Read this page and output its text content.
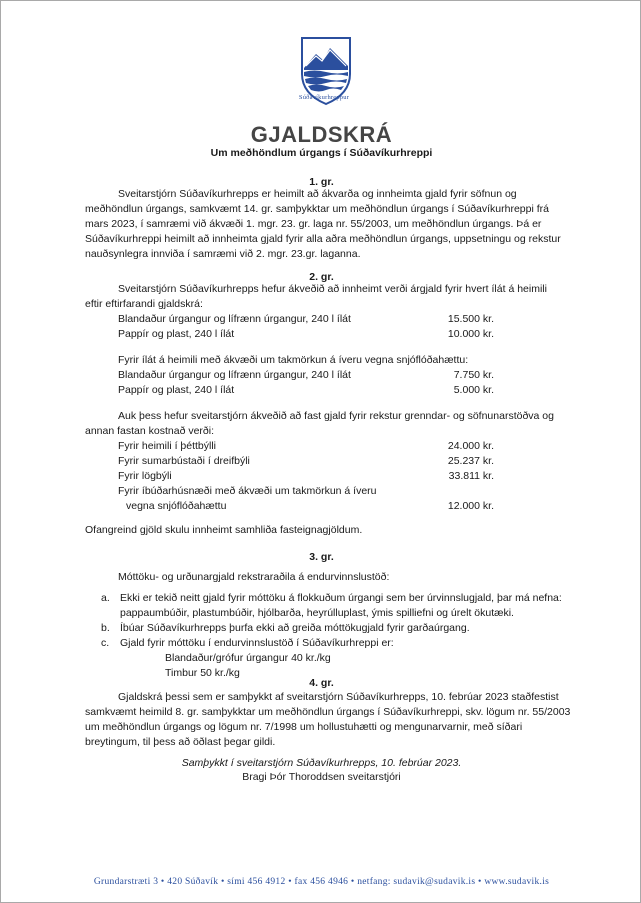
Súðavíkurhreppur
GJALDSKRÁ
Um meðhöndlum úrgangs í Súðavíkurhreppi
1. gr.
Sveitarstjórn Súðavíkurhrepps er heimilt að ákvarða og innheimta gjald fyrir söfnun og
meðhöndlun úrgangs, samkvæmt 14. gr. samþykktar um meðhöndlun úrgangs í Súðavíkurhreppi frá
mars 2023, í samræmi við ákvæði 1. mgr. 23. gr. laga nr. 55/2003, um meðhöndlun úrgangs. Þá er
Súðavíkurhreppi heimilt að innheimta gjald fyrir alla aðra meðhöndlun úrgangs, uppsetningu og rekstur
nauðsynlegra innviða í samræmi við 2. mgr. 23.gr. laganna.
2. gr.
Sveitarstjórn Súðavíkurhrepps hefur ákveðið að innheimt verði árgjald fyrir hvert ílát á heimili
eftir eftirfarandi gjaldskrá:
Blandaður úrgangur og lífrænn úrgangur, 240 l ílát	15.500 kr.
Pappír og plast, 240 l ílát	10.000 kr.
Fyrir ílát á heimili með ákvæði um takmörkun á íveru vegna snjóflóðahættu:
Blandaður úrgangur og lífrænn úrgangur, 240 l ílát	7.750 kr.
Pappír og plast, 240 l ílát	5.000 kr.
Auk þess hefur sveitarstjórn ákveðið að fast gjald fyrir rekstur grenndar- og söfnunarstöðva og
annan fastan kostnað verði:
Fyrir heimili í þéttbýlli	24.000 kr.
Fyrir sumarbústaði í dreifbýli	25.237 kr.
Fyrir lögbýli	33.811 kr.
Fyrir íbúðarhúsnæði með ákvæði um takmörkun á íveru
vegna snjóflóðahættu	12.000 kr.
Ofangreind gjöld skulu innheimt samhliða fasteignagjöldum.
3. gr.
Móttöku- og urðunargjald rekstraraðila á endurvinnslustöð:
a. Ekki er tekið neitt gjald fyrir móttöku á flokkuðum úrgangi sem ber úrvinnslugjald, þar má nefna:
pappaumbúðir, plastumbúðir, hjólbarða, heyrúlluplast, ýmis spilliefni og úrelt ökutæki.
b. Íbúar Súðavíkurhrepps þurfa ekki að greiða móttökugjald fyrir garðaúrgang.
c. Gjald fyrir móttöku í endurvinnslustöð í Súðavíkurhreppi er:
Blandaður/grófur úrgangur 40 kr./kg
Timbur 50 kr./kg
4. gr.
Gjaldskrá þessi sem er samþykkt af sveitarstjórn Súðavíkurhrepps, 10. febrúar 2023 staðfestist
samkvæmt heimild 8. gr. samþykktar um meðhöndlun úrgangs í Súðavíkurhreppi, skv. lögum nr. 55/2003
um meðhöndlun úrgangs og lögum nr. 7/1998 um hollustuhætti og mengunarvarnir, með síðari
breytingum, til þess að öðlast þegar gildi.
Samþykkt í sveitarstjórn Súðavíkurhrepps, 10. febrúar 2023.
Bragi Þór Thoroddsen sveitarstjóri
Grundarstræti 3 • 420 Súðavík • sími 456 4912 • fax 456 4946 • netfang: sudavik@sudavik.is • www.sudavik.is
